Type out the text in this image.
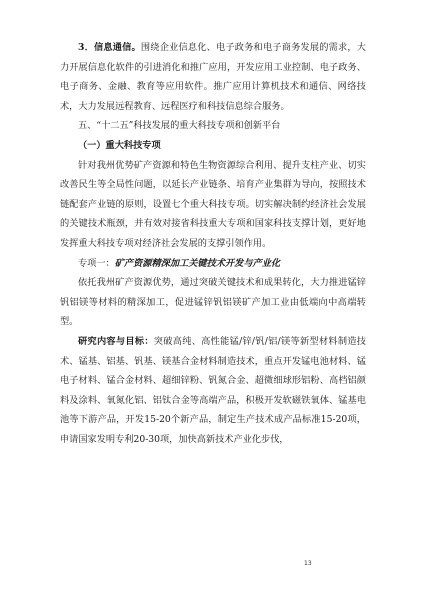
3．信息通信。围绕企业信息化、电子政务和电子商务发展的需求，大力开展信息化软件的引进消化和推广应用，开发应用工业控制、电子政务、电子商务、金融、教育等应用软件。推广应用计算机技术和通信、网络技术，大力发展远程教育、远程医疗和科技信息综合服务。

五、“十二五”科技发展的重大科技专项和创新平台

（一）重大科技专项

针对我州优势矿产资源和特色生物资源综合利用、提升支柱产业、切实改善民生等全局性问题，以延长产业链条、培育产业集群为导向，按照技术链配套产业链的原则，设置七个重大科技专项。切实解决制约经济社会发展的关键技术瓶颈，并有效对接省科技重大专项和国家科技支撑计划，更好地发挥重大科技专项对经济社会发展的支撑引领作用。

专项一：矿产资源精深加工关键技术开发与产业化

依托我州矿产资源优势，通过突破关键技术和成果转化，大力推进锰锌钒铝镁等材料的精深加工，促进锰锌钒铝镁矿产加工业由低端向中高端转型。

研究内容与目标：突破高纯、高性能锰/锌/钒/铝/镁等新型材料制造技术、锰基、铝基、钒基、镁基合金材料制造技术，重点开发锰电池材料、锰电子材料、锰合金材料、超细锌粉、钒氮合金、超微细球形铝粉、高档铝颜料及涂料、氧氮化铝、铝钛合金等高端产品，积极开发软磁铁氧体、锰基电池等下游产品，开发15-20个新产品，制定生产技术成产品标准15-20项，申请国家发明专利20-30项，加快高新技术产业化步伐，

13
